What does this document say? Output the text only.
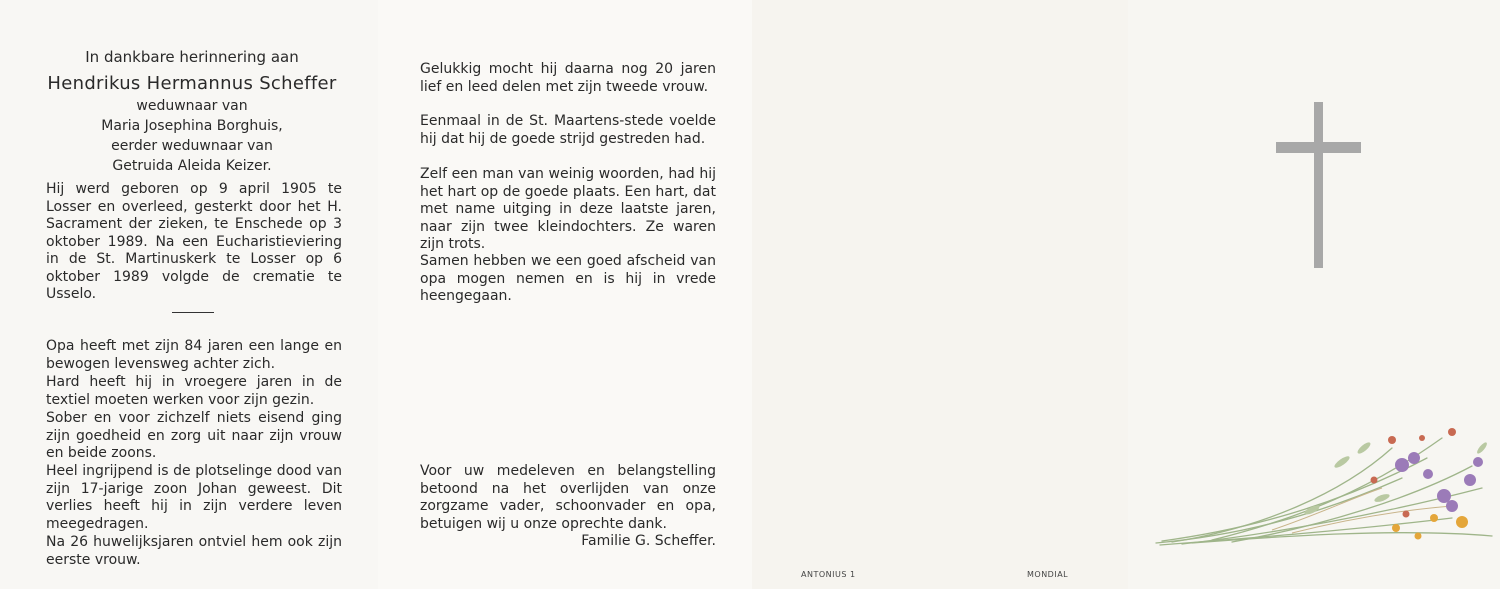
In dankbare herinnering aan
Hendrikus Hermannus Scheffer
weduwnaar van
Maria Josephina Borghuis,
eerder weduwnaar van
Getruida Aleida Keizer.
Hij werd geboren op 9 april 1905 te Losser en overleed, gesterkt door het H. Sacrament der zieken, te Enschede op 3 oktober 1989. Na een Eucharistieviering in de St. Martinuskerk te Losser op 6 oktober 1989 volgde de crematie te Usselo.
Opa heeft met zijn 84 jaren een lange en bewogen levensweg achter zich.
Hard heeft hij in vroegere jaren in de textiel moeten werken voor zijn gezin.
Sober en voor zichzelf niets eisend ging zijn goedheid en zorg uit naar zijn vrouw en beide zoons.
Heel ingrijpend is de plotselinge dood van zijn 17-jarige zoon Johan geweest. Dit verlies heeft hij in zijn verdere leven meegedragen.
Na 26 huwelijksjaren ontviel hem ook zijn eerste vrouw.
Gelukkig mocht hij daarna nog 20 jaren lief en leed delen met zijn tweede vrouw.
Eenmaal in de St. Maartens-stede voelde hij dat hij de goede strijd gestreden had.
Zelf een man van weinig woorden, had hij het hart op de goede plaats. Een hart, dat met name uitging in deze laatste jaren, naar zijn twee kleindochters. Ze waren zijn trots.
Samen hebben we een goed afscheid van opa mogen nemen en is hij in vrede heengegaan.
Voor uw medeleven en belangstelling betoond na het overlijden van onze zorgzame vader, schoonvader en opa, betuigen wij u onze oprechte dank.
Familie G. Scheffer.
ANTONIUS 1	MONDIAL
